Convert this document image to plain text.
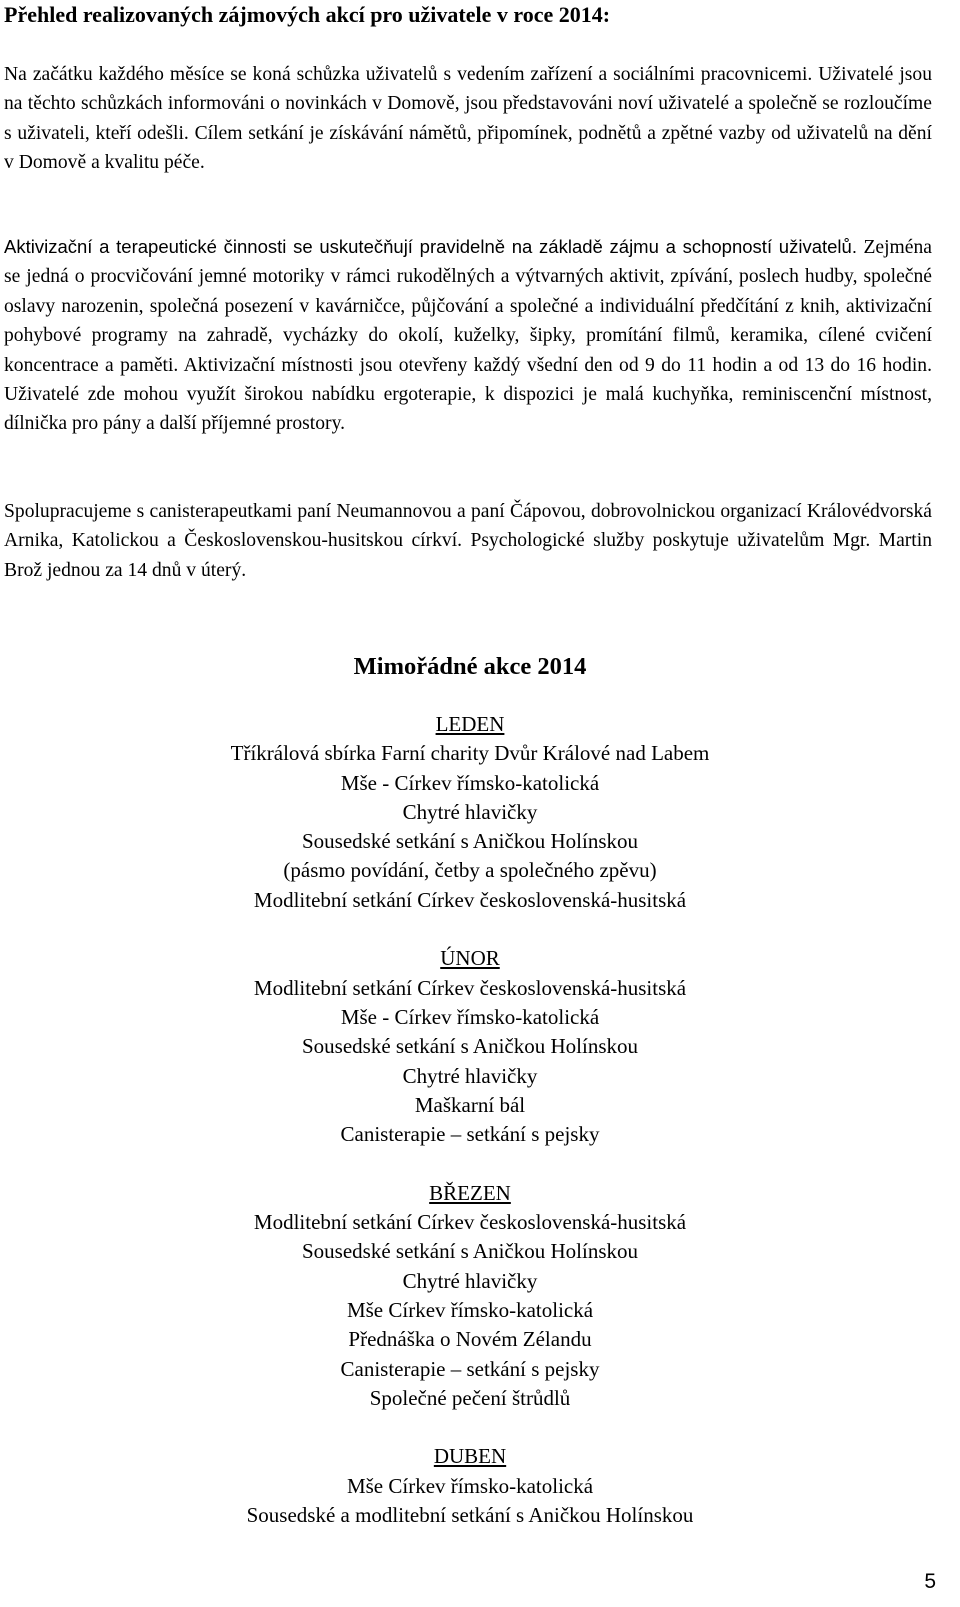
Přehled realizovaných zájmových akcí pro uživatele v roce 2014:

Na začátku každého měsíce se koná schůzka uživatelů s vedením zařízení a sociálními pracovnicemi. Uživatelé jsou na těchto schůzkách informováni o novinkách v Domově, jsou představováni noví uživatelé a společně se rozloučíme s uživateli, kteří odešli. Cílem setkání je získávání námětů, připomínek, podnětů a zpětné vazby od uživatelů na dění v Domově a kvalitu péče.

Aktivizační a terapeutické činnosti se uskutečňují pravidelně na základě zájmu a schopností uživatelů. Zejména se jedná o procvičování jemné motoriky v rámci rukodělných a výtvarných aktivit, zpívání, poslech hudby, společné oslavy narozenin, společná posezení v kavárničce, půjčování a společné a individuální předčítání z knih, aktivizační pohybové programy na zahradě, vycházky do okolí, kuželky, šipky, promítání filmů, keramika, cílené cvičení koncentrace a paměti. Aktivizační místnosti jsou otevřeny každý všední den od 9 do 11 hodin a od 13 do 16 hodin. Uživatelé zde mohou využít širokou nabídku ergoterapie, k dispozici je malá kuchyňka, reminiscenční místnost, dílnička pro pány a další příjemné prostory.

Spolupracujeme s canisterapeutkami paní Neumannovou a paní Čápovou, dobrovolnickou organizací Královédvorská Arnika, Katolickou a Československou-husitskou církví. Psychologické služby poskytuje uživatelům Mgr. Martin Brož jednou za 14 dnů v úterý.

Mimořádné akce 2014

LEDEN

Tříkrálová sbírka Farní charity Dvůr Králové nad Labem

Mše - Církev římsko-katolická

Chytré hlavičky

Sousedské setkání s Aničkou Holínskou

(pásmo povídání, četby a společného zpěvu)

Modlitební setkání Církev československá-husitská

ÚNOR

Modlitební setkání Církev československá-husitská

Mše - Církev římsko-katolická

Sousedské setkání s Aničkou Holínskou

Chytré hlavičky

Maškarní bál

Canisterapie – setkání s pejsky

BŘEZEN

Modlitební setkání Církev československá-husitská

Sousedské setkání s Aničkou Holínskou

Chytré hlavičky

Mše Církev římsko-katolická

Přednáška o Novém Zélandu

Canisterapie – setkání s pejsky

Společné pečení štrůdlů

DUBEN

Mše Církev římsko-katolická

Sousedské a modlitební setkání s Aničkou Holínskou

5
